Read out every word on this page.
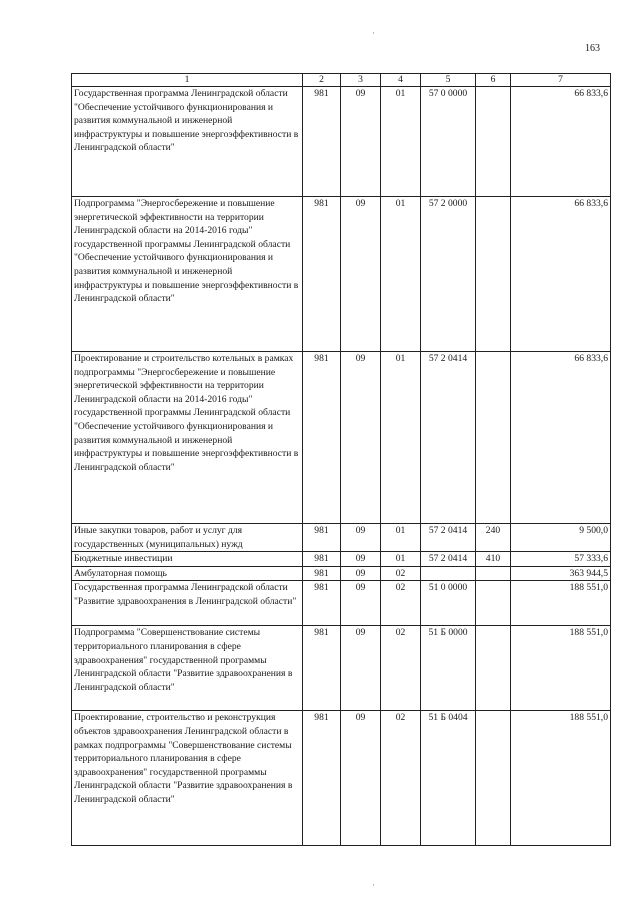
163
1	2	3	4	5	6	7
Государственная программа Ленинградской области "Обеспечение устойчивого функционирования и развития коммунальной и инженерной инфраструктуры и повышение энергоэффективности в Ленинградской области"	981	09	01	57 0 0000		66 833,6
Подпрограмма "Энергосбережение и повышение энергетической эффективности на территории Ленинградской области на 2014-2016 годы" государственной программы Ленинградской области "Обеспечение устойчивого функционирования и развития коммунальной и инженерной инфраструктуры и повышение энергоэффективности в Ленинградской области"	981	09	01	57 2 0000		66 833,6
Проектирование и строительство котельных в рамках подпрограммы "Энергосбережение и повышение энергетической эффективности на территории Ленинградской области на 2014-2016 годы" государственной программы Ленинградской области "Обеспечение устойчивого функционирования и развития коммунальной и инженерной инфраструктуры и повышение энергоэффективности в Ленинградской области"	981	09	01	57 2 0414		66 833,6
Иные закупки товаров, работ и услуг для государственных (муниципальных) нужд	981	09	01	57 2 0414	240	9 500,0
Бюджетные инвестиции	981	09	01	57 2 0414	410	57 333,6
Амбулаторная помощь	981	09	02			363 944,5
Государственная программа Ленинградской области "Развитие здравоохранения в Ленинградской области"	981	09	02	51 0 0000		188 551,0
Подпрограмма "Совершенствование системы территориального планирования в сфере здравоохранения" государственной программы Ленинградской области "Развитие здравоохранения в Ленинградской области"	981	09	02	51 Б 0000		188 551,0
Проектирование, строительство и реконструкция объектов здравоохранения Ленинградской области в рамках подпрограммы "Совершенствование системы территориального планирования в сфере здравоохранения" государственной программы Ленинградской области "Развитие здравоохранения в Ленинградской области"	981	09	02	51 Б 0404		188 551,0
·
·
